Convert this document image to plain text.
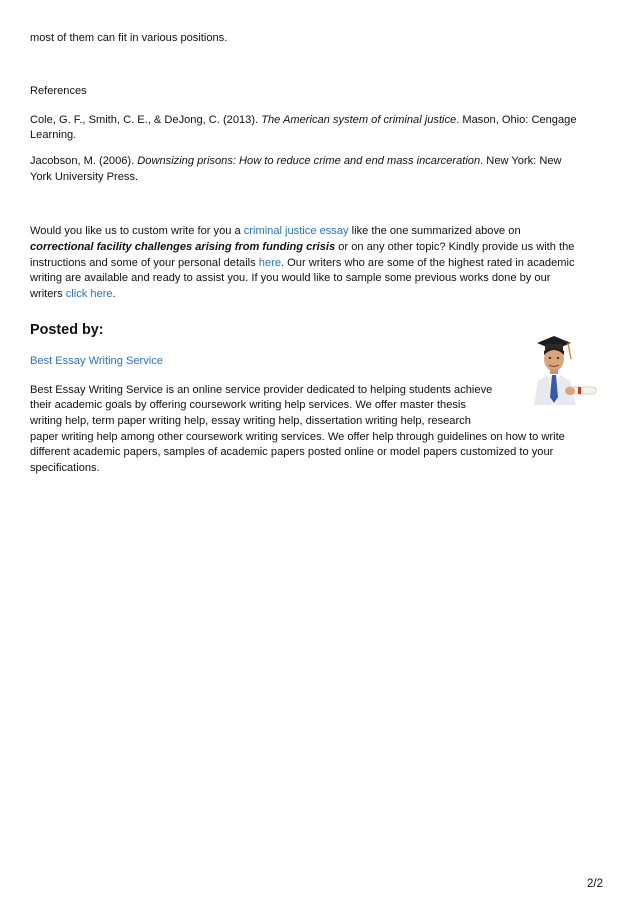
most of them can fit in various positions.
References
Cole, G. F., Smith, C. E., & DeJong, C. (2013). The American system of criminal justice. Mason, Ohio: Cengage
Learning.
Jacobson, M. (2006). Downsizing prisons: How to reduce crime and end mass incarceration. New York: New
York University Press.
Would you like us to custom write for you a criminal justice essay like the one summarized above on
correctional facility challenges arising from funding crisis or on any other topic? Kindly provide us with the
instructions and some of your personal details here. Our writers who are some of the highest rated in academic
writing are available and ready to assist you. If you would like to sample some previous works done by our
writers click here.
Posted by:
Best Essay Writing Service
Best Essay Writing Service is an online service provider dedicated to helping students achieve
their academic goals by offering coursework writing help services. We offer master thesis
writing help, term paper writing help, essay writing help, dissertation writing help, research
paper writing help among other coursework writing services. We offer help through guidelines on how to write
different academic papers, samples of academic papers posted online or model papers customized to your
specifications.
2/2
